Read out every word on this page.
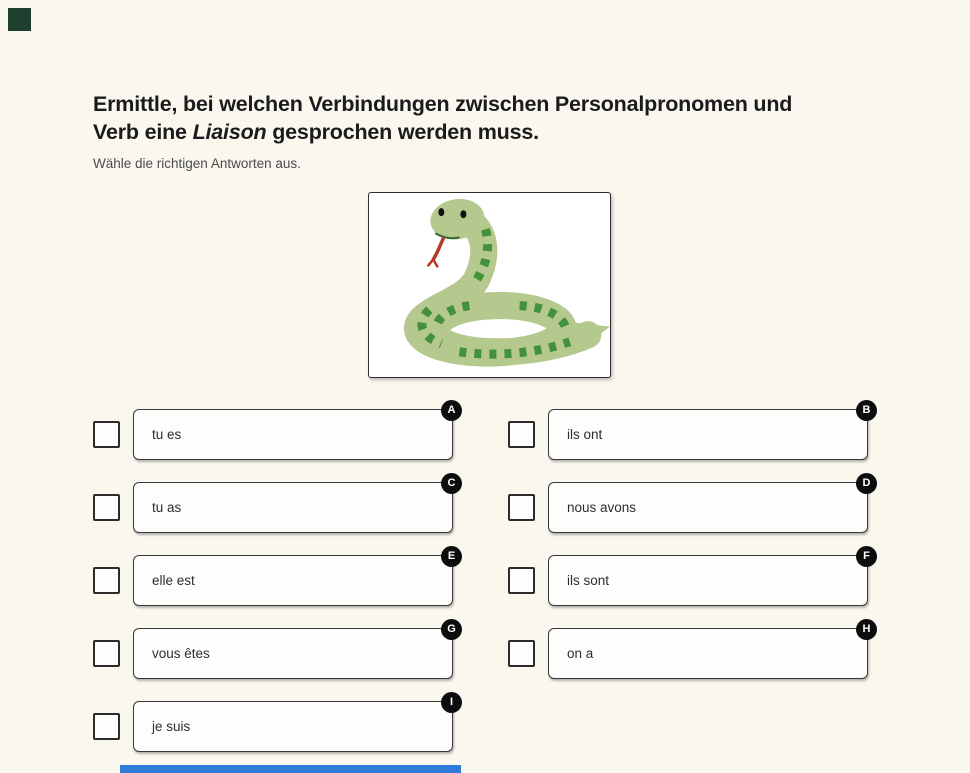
Ermittle, bei welchen Verbindungen zwischen Personalpronomen und
Verb eine Liaison gesprochen werden muss.
Wähle die richtigen Antworten aus.
tu es
A
ils ont
B
tu as
C
nous avons
D
elle est
E
ils sont
F
vous êtes
G
on a
H
je suis
I
